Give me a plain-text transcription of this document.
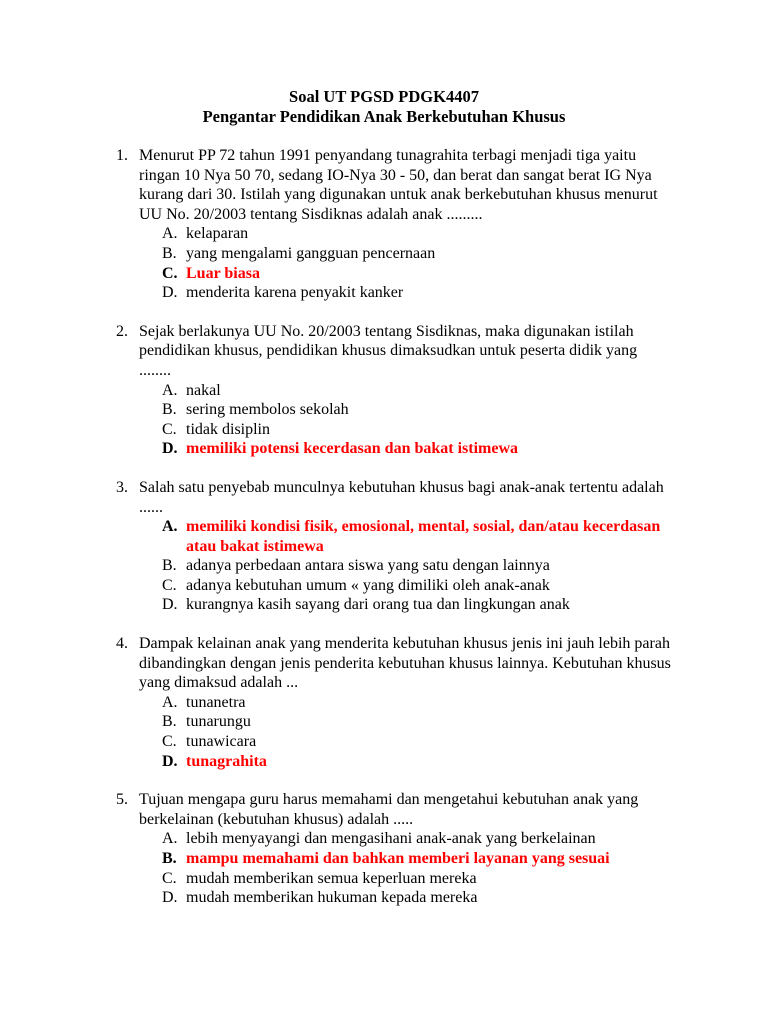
Soal UT PGSD PDGK4407
Pengantar Pendidikan Anak Berkebutuhan Khusus
1. Menurut PP 72 tahun 1991 penyandang tunagrahita terbagi menjadi tiga yaitu ringan 10 Nya 50 70, sedang IO-Nya 30 - 50, dan berat dan sangat berat IG Nya kurang dari 30. Istilah yang digunakan untuk anak berkebutuhan khusus menurut UU No. 20/2003 tentang Sisdiknas adalah anak .........
A. kelaparan
B. yang mengalami gangguan pencernaan
C. Luar biasa
D. menderita karena penyakit kanker
2. Sejak berlakunya UU No. 20/2003 tentang Sisdiknas, maka digunakan istilah pendidikan khusus, pendidikan khusus dimaksudkan untuk peserta didik yang ........
A. nakal
B. sering membolos sekolah
C. tidak disiplin
D. memiliki potensi kecerdasan dan bakat istimewa
3. Salah satu penyebab munculnya kebutuhan khusus bagi anak-anak tertentu adalah ......
A. memiliki kondisi fisik, emosional, mental, sosial, dan/atau kecerdasan atau bakat istimewa
B. adanya perbedaan antara siswa yang satu dengan lainnya
C. adanya kebutuhan umum « yang dimiliki oleh anak-anak
D. kurangnya kasih sayang dari orang tua dan lingkungan anak
4. Dampak kelainan anak yang menderita kebutuhan khusus jenis ini jauh lebih parah dibandingkan dengan jenis penderita kebutuhan khusus lainnya. Kebutuhan khusus yang dimaksud adalah ...
A. tunanetra
B. tunarungu
C. tunawicara
D. tunagrahita
5. Tujuan mengapa guru harus memahami dan mengetahui kebutuhan anak yang berkelainan (kebutuhan khusus) adalah .....
A. lebih menyayangi dan mengasihani anak-anak yang berkelainan
B. mampu memahami dan bahkan memberi layanan yang sesuai
C. mudah memberikan semua keperluan mereka
D. mudah memberikan hukuman kepada mereka
